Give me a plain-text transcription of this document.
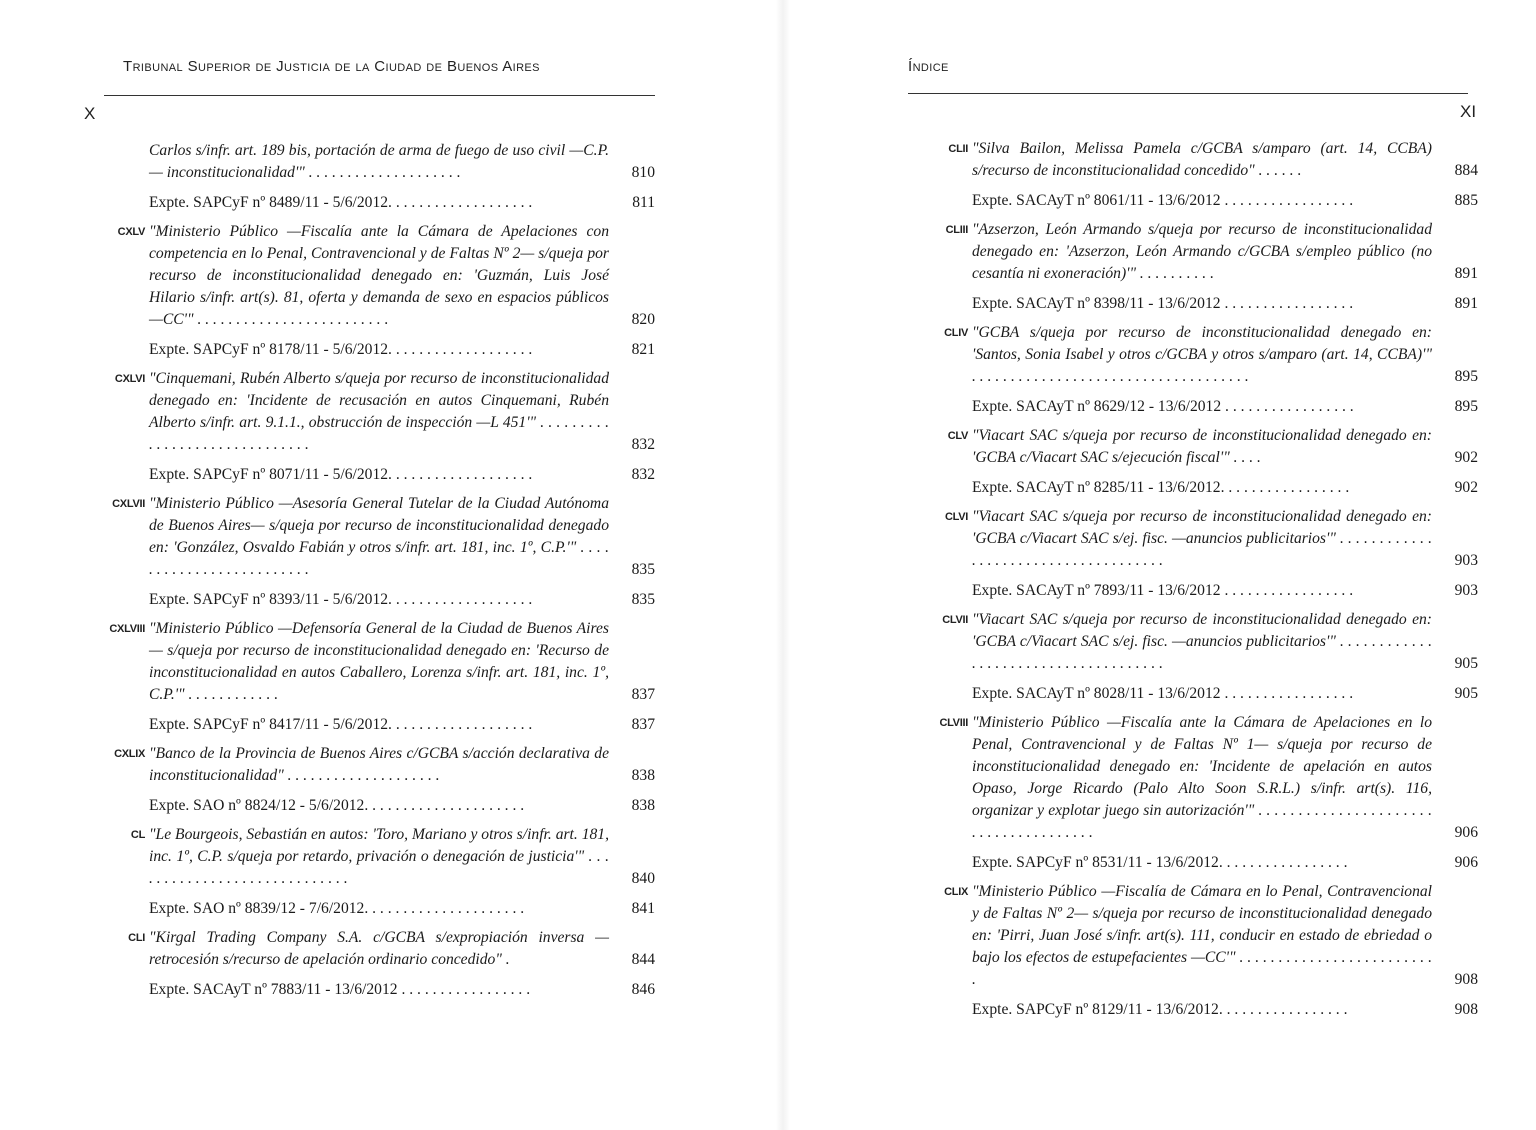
Tribunal Superior de Justicia de la Ciudad de Buenos Aires
X
Carlos s/infr. art. 189 bis, portación de arma de fuego de uso civil —C.P.— inconstitucionalidad'" . . . . . . . . . . . . . . . . . . . .	810
Expte. SAPCyF nº 8489/11 - 5/6/2012. . . . . . . . . . . . . . . . . . .	811
CXLV "Ministerio Público —Fiscalía ante la Cámara de Apelaciones con competencia en lo Penal, Contravencional y de Faltas Nº 2— s/queja por recurso de inconstitucionalidad denegado en: 'Guzmán, Luis José Hilario s/infr. art(s). 81, oferta y demanda de sexo en espacios públicos —CC'" . . . . . . . . . . . . . . . . . . . . . . . . .	820
Expte. SAPCyF nº 8178/11 - 5/6/2012. . . . . . . . . . . . . . . . . . .	821
CXLVI "Cinquemani, Rubén Alberto s/queja por recurso de inconstitucionalidad denegado en: 'Incidente de recusación en autos Cinquemani, Rubén Alberto s/infr. art. 9.1.1., obstrucción de inspección —L 451'" . . . . . . . . . . . . . . . . . . . . . . . . . . . . . .	832
Expte. SAPCyF nº 8071/11 - 5/6/2012. . . . . . . . . . . . . . . . . . .	832
CXLVII "Ministerio Público —Asesoría General Tutelar de la Ciudad Autónoma de Buenos Aires— s/queja por recurso de inconstitucionalidad denegado en: 'González, Osvaldo Fabián y otros s/infr. art. 181, inc. 1º, C.P.'" . . . . . . . . . . . . . . . . . . . . . . . . .	835
Expte. SAPCyF nº 8393/11 - 5/6/2012. . . . . . . . . . . . . . . . . . .	835
CXLVIII "Ministerio Público —Defensoría General de la Ciudad de Buenos Aires— s/queja por recurso de inconstitucionalidad denegado en: 'Recurso de inconstitucionalidad en autos Caballero, Lorenza s/infr. art. 181, inc. 1º, C.P.'" . . . . . . . . . . . .	837
Expte. SAPCyF nº 8417/11 - 5/6/2012. . . . . . . . . . . . . . . . . . .	837
CXLIX "Banco de la Provincia de Buenos Aires c/GCBA s/acción declarativa de inconstitucionalidad" . . . . . . . . . . . . . . . . . . . .	838
Expte. SAO nº 8824/12 - 5/6/2012. . . . . . . . . . . . . . . . . . . . .	838
CL "Le Bourgeois, Sebastián en autos: 'Toro, Mariano y otros s/infr. art. 181, inc. 1º, C.P. s/queja por retardo, privación o denegación de justicia'" . . . . . . . . . . . . . . . . . . . . . . . . . . . . .	840
Expte. SAO nº 8839/12 - 7/6/2012. . . . . . . . . . . . . . . . . . . . .	841
CLI "Kirgal Trading Company S.A. c/GCBA s/expropiación inversa —retrocesión s/recurso de apelación ordinario concedido" .	844
Expte. SACAyT nº 7883/11 - 13/6/2012 . . . . . . . . . . . . . . . . .	846
Índice
XI
CLII "Silva Bailon, Melissa Pamela c/GCBA s/amparo (art. 14, CCBA) s/recurso de inconstitucionalidad concedido" . . . . . .	884
Expte. SACAyT nº 8061/11 - 13/6/2012 . . . . . . . . . . . . . . . . .	885
CLIII "Azserzon, León Armando s/queja por recurso de inconstitucionalidad denegado en: 'Azserzon, León Armando c/GCBA s/empleo público (no cesantía ni exoneración)'" . . . . . . . . . .	891
Expte. SACAyT nº 8398/11 - 13/6/2012 . . . . . . . . . . . . . . . . .	891
CLIV "GCBA s/queja por recurso de inconstitucionalidad denegado en: 'Santos, Sonia Isabel y otros c/GCBA y otros s/amparo (art. 14, CCBA)'" . . . . . . . . . . . . . . . . . . . . . . . . . . . . . . . . . . . .	895
Expte. SACAyT nº 8629/12 - 13/6/2012 . . . . . . . . . . . . . . . . .	895
CLV "Viacart SAC s/queja por recurso de inconstitucionalidad denegado en: 'GCBA c/Viacart SAC s/ejecución fiscal'" . . . .	902
Expte. SACAyT nº 8285/11 - 13/6/2012. . . . . . . . . . . . . . . . .	902
CLVI "Viacart SAC s/queja por recurso de inconstitucionalidad denegado en: 'GCBA c/Viacart SAC s/ej. fisc. —anuncios publicitarios'" . . . . . . . . . . . . . . . . . . . . . . . . . . . . . . . . . . . . .	903
Expte. SACAyT nº 7893/11 - 13/6/2012 . . . . . . . . . . . . . . . . .	903
CLVII "Viacart SAC s/queja por recurso de inconstitucionalidad denegado en: 'GCBA c/Viacart SAC s/ej. fisc. —anuncios publicitarios'" . . . . . . . . . . . . . . . . . . . . . . . . . . . . . . . . . . . . .	905
Expte. SACAyT nº 8028/11 - 13/6/2012 . . . . . . . . . . . . . . . . .	905
CLVIII "Ministerio Público —Fiscalía ante la Cámara de Apelaciones en lo Penal, Contravencional y de Faltas Nº 1— s/queja por recurso de inconstitucionalidad denegado en: 'Incidente de apelación en autos Opaso, Jorge Ricardo (Palo Alto Soon S.R.L.) s/infr. art(s). 116, organizar y explotar juego sin autorización'" . . . . . . . . . . . . . . . . . . . . . . . . . . . . . . . . . . . . . .	906
Expte. SAPCyF nº 8531/11 - 13/6/2012. . . . . . . . . . . . . . . . .	906
CLIX "Ministerio Público —Fiscalía de Cámara en lo Penal, Contravencional y de Faltas Nº 2— s/queja por recurso de inconstitucionalidad denegado en: 'Pirri, Juan José s/infr. art(s). 111, conducir en estado de ebriedad o bajo los efectos de estupefacientes —CC'" . . . . . . . . . . . . . . . . . . . . . . . . . .	908
Expte. SAPCyF nº 8129/11 - 13/6/2012. . . . . . . . . . . . . . . . .	908
